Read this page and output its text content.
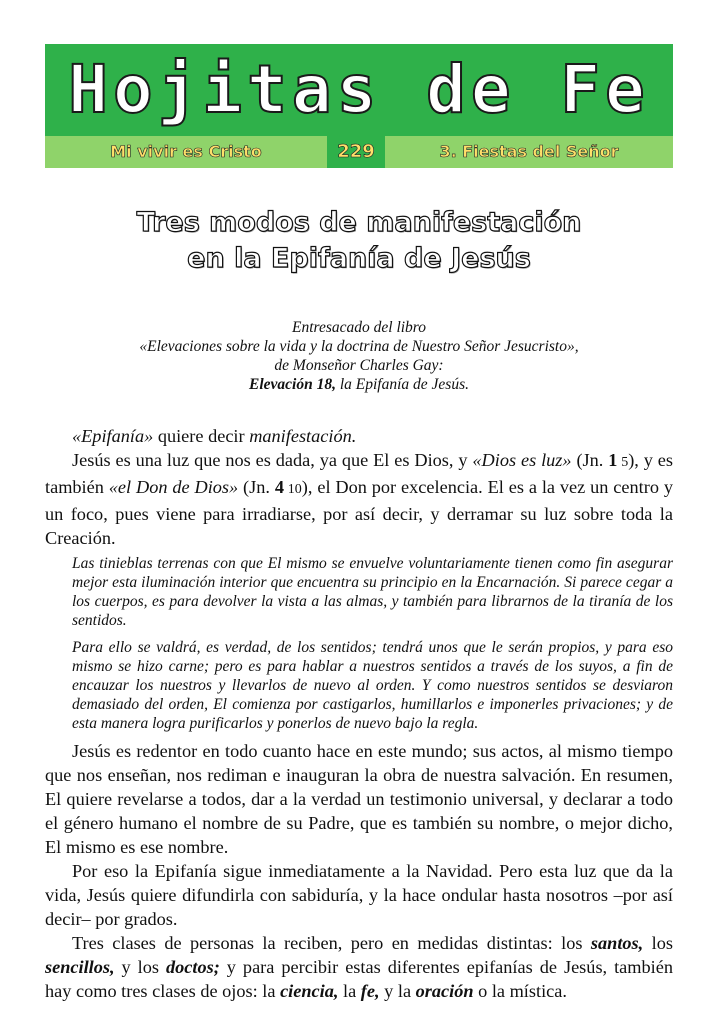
Hojitas de Fe
Mi vivir es Cristo	229	3. Fiestas del Señor
Tres modos de manifestación
en la Epifanía de Jesús
Entresacado del libro
«Elevaciones sobre la vida y la doctrina de Nuestro Señor Jesucristo»,
de Monseñor Charles Gay:
Elevación 18, la Epifanía de Jesús.

«Epifanía» quiere decir manifestación.

Jesús es una luz que nos es dada, ya que El es Dios, y «Dios es luz» (Jn. 1 5), y es también «el Don de Dios» (Jn. 4 10), el Don por excelencia. El es a la vez un centro y un foco, pues viene para irradiarse, por así decir, y derramar su luz sobre toda la Creación.

Las tinieblas terrenas con que El mismo se envuelve voluntariamente tienen como fin asegurar mejor esta iluminación interior que encuentra su principio en la Encarnación. Si parece cegar a los cuerpos, es para devolver la vista a las almas, y también para librarnos de la tiranía de los sentidos.

Para ello se valdrá, es verdad, de los sentidos; tendrá unos que le serán propios, y para eso mismo se hizo carne; pero es para hablar a nuestros sentidos a través de los suyos, a fin de encauzar los nuestros y llevarlos de nuevo al orden. Y como nuestros sentidos se desviaron demasiado del orden, El comienza por castigarlos, humillarlos e imponerles privaciones; y de esta manera logra purificarlos y ponerlos de nuevo bajo la regla.

Jesús es redentor en todo cuanto hace en este mundo; sus actos, al mismo tiempo que nos enseñan, nos rediman e inauguran la obra de nuestra salvación. En resumen, El quiere revelarse a todos, dar a la verdad un testimonio universal, y declarar a todo el género humano el nombre de su Padre, que es también su nombre, o mejor dicho, El mismo es ese nombre.

Por eso la Epifanía sigue inmediatamente a la Navidad. Pero esta luz que da la vida, Jesús quiere difundirla con sabiduría, y la hace ondular hasta nosotros –por así decir– por grados.

Tres clases de personas la reciben, pero en medidas distintas: los santos, los sencillos, y los doctos; y para percibir estas diferentes epifanías de Jesús, también hay como tres clases de ojos: la ciencia, la fe, y la oración o la mística.
